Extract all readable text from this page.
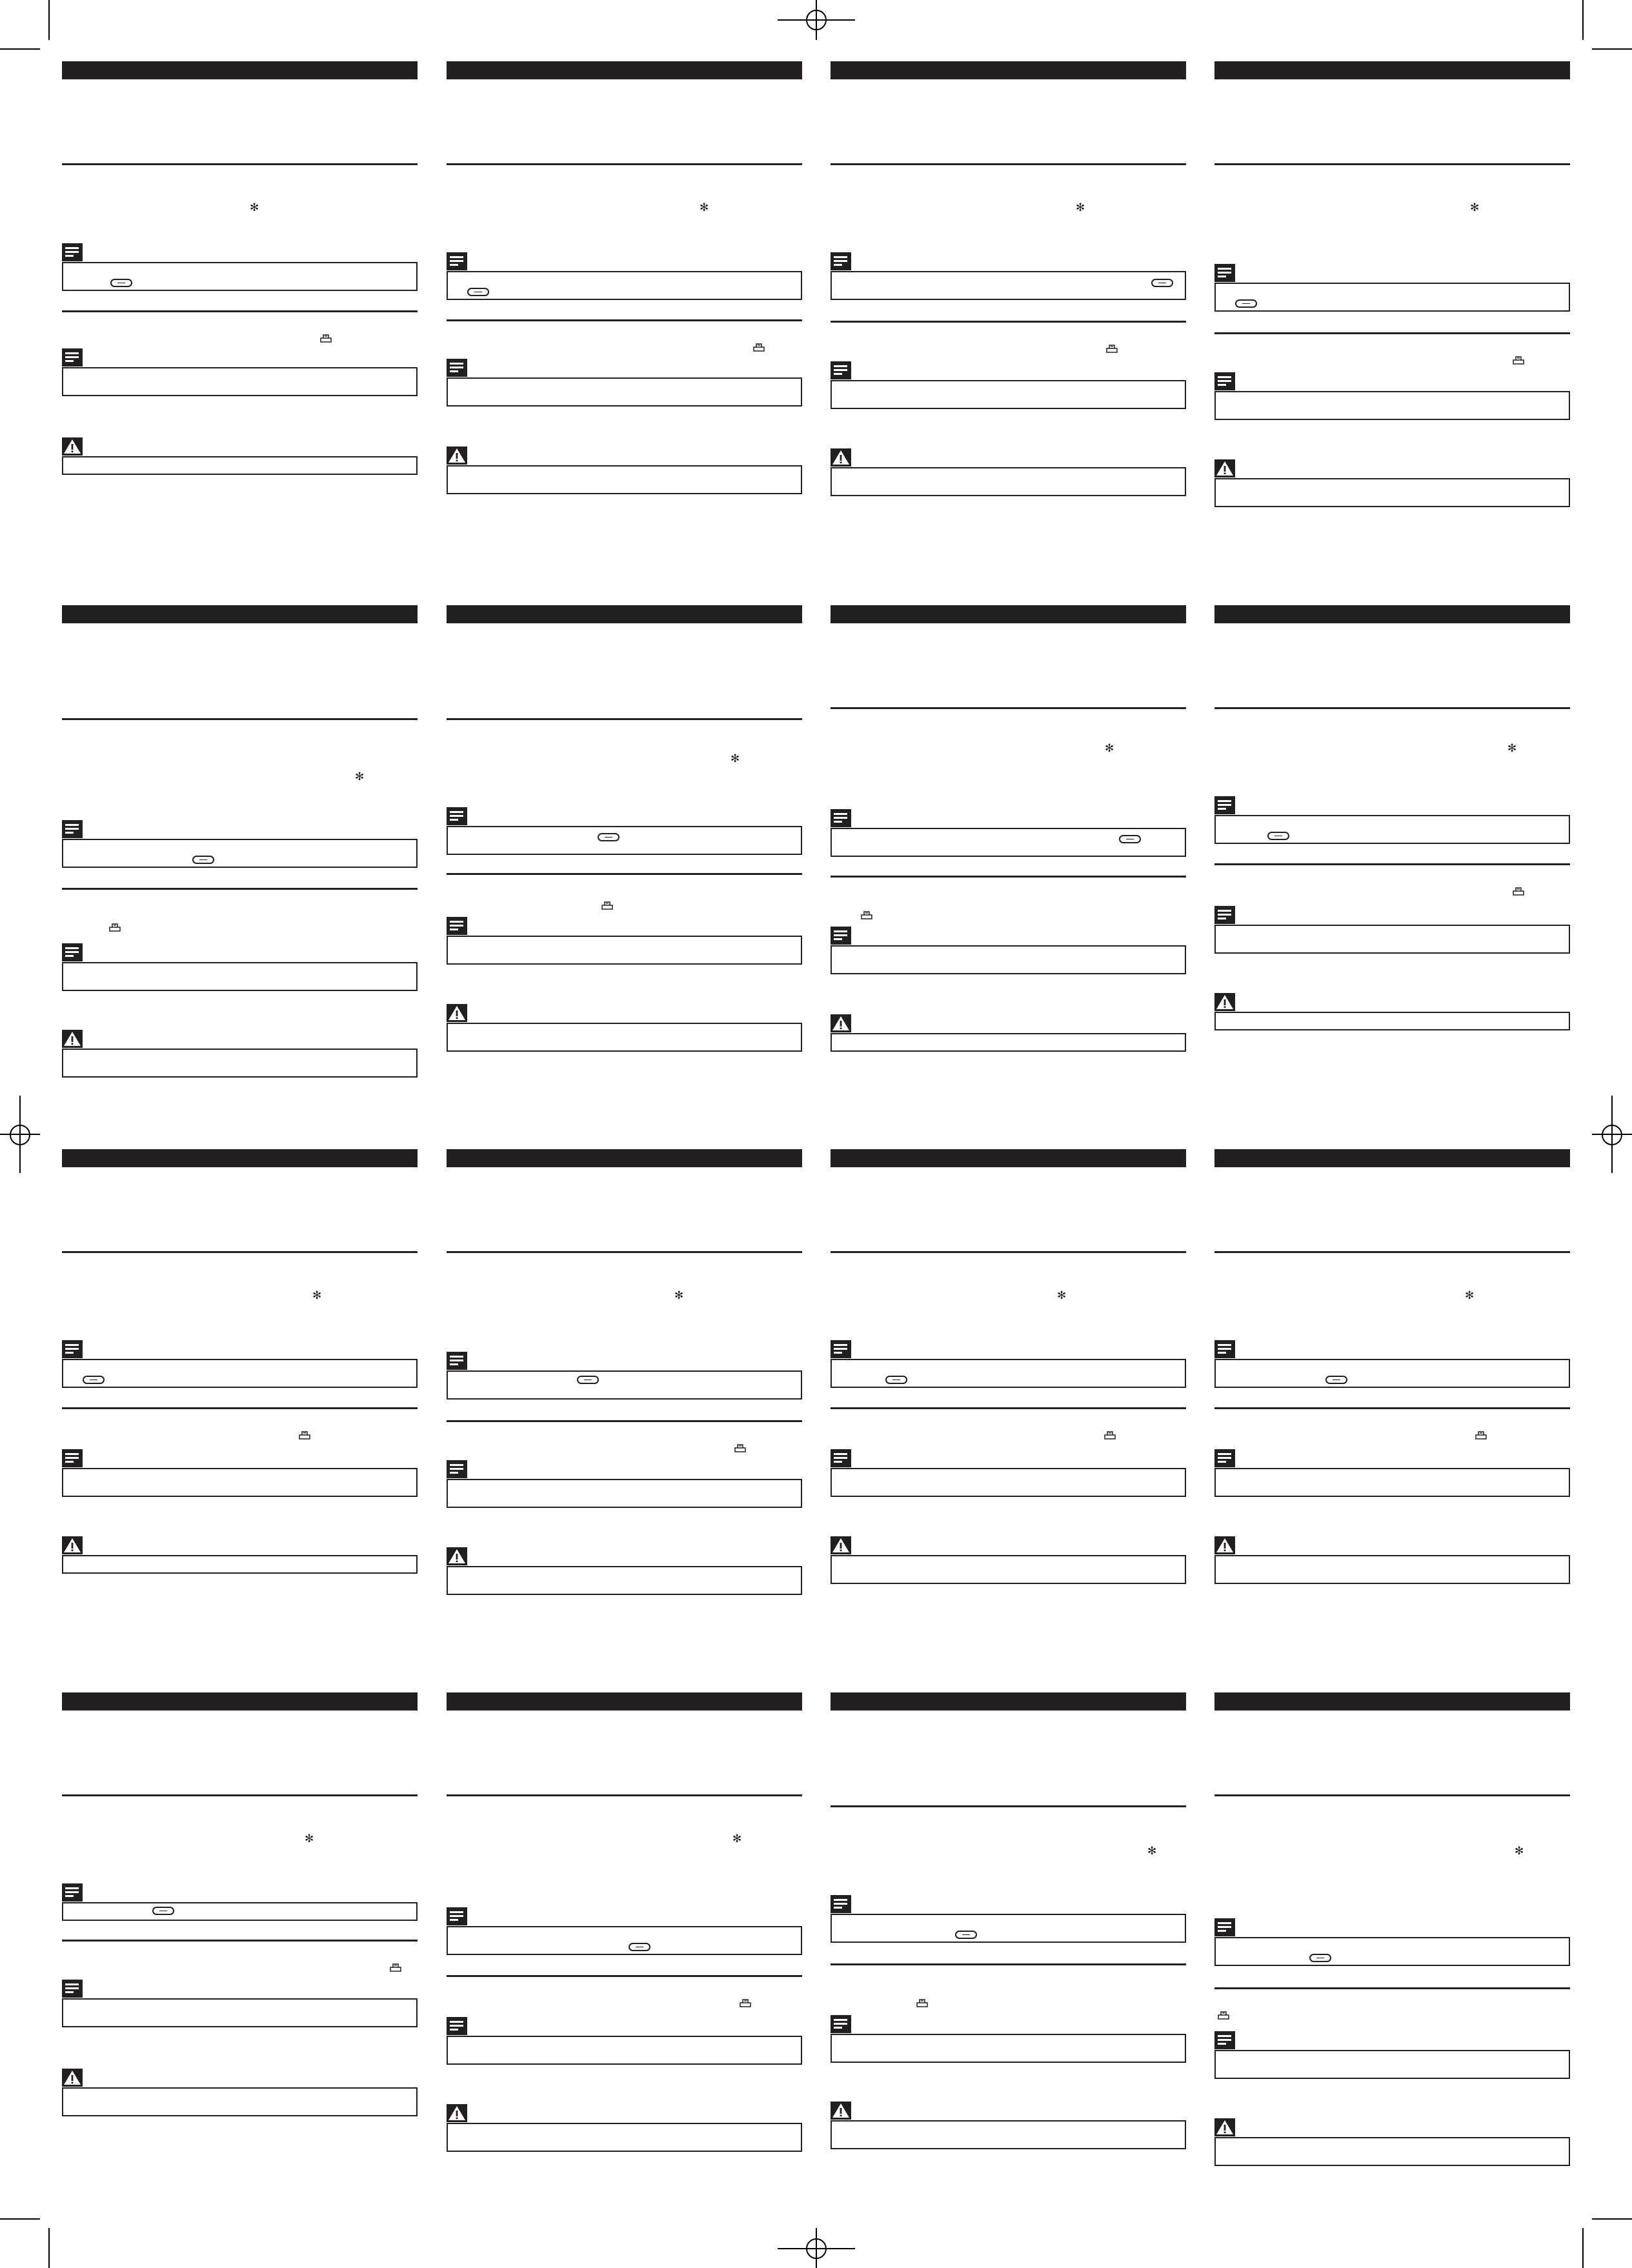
✻	✻	✻	✻
✻
✻
✻	✻
✻	✻	✻	✻
✻	✻
✻	✻
